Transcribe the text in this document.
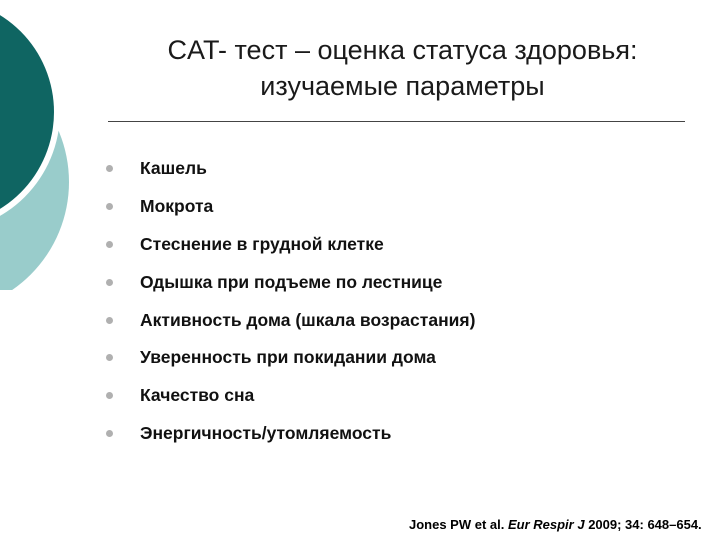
CAT- тест – оценка статуса здоровья:
изучаемые параметры
Кашель
Мокрота
Стеснение в грудной клетке
Одышка при подъеме по лестнице
Активность дома (шкала возрастания)
Уверенность при покидании дома
Качество сна
Энергичность/утомляемость
Jones PW et al. Eur Respir J 2009; 34: 648–654.
